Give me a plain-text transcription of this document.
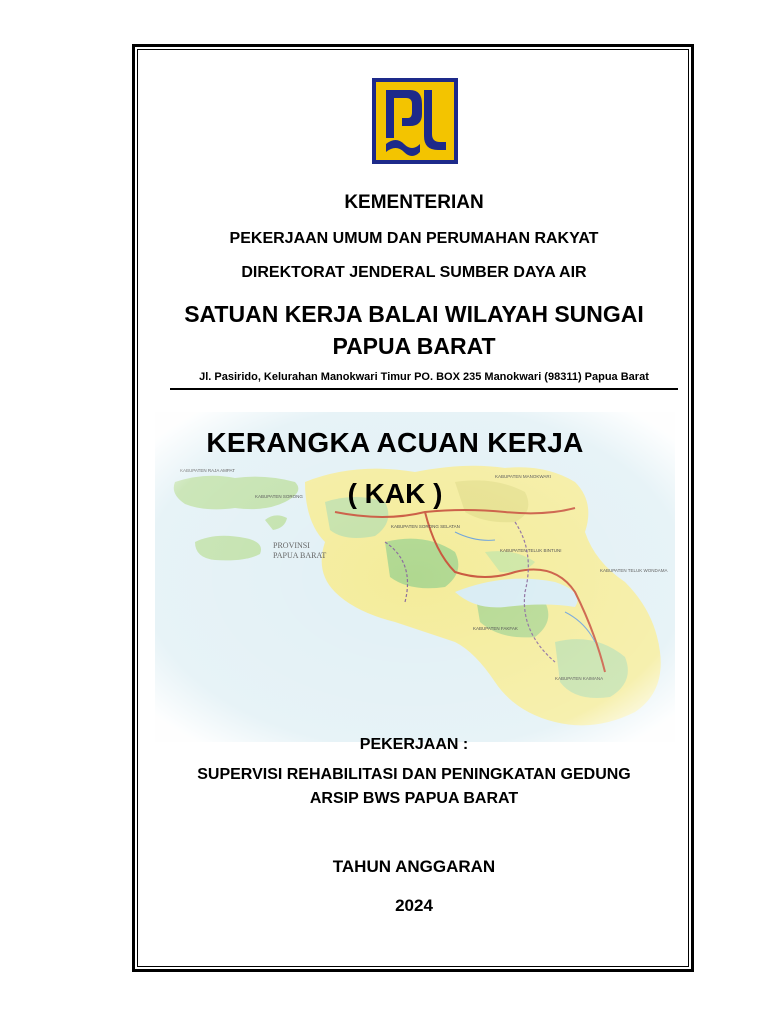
KEMENTERIAN
PEKERJAAN UMUM DAN PERUMAHAN RAKYAT
DIREKTORAT JENDERAL SUMBER DAYA AIR
SATUAN KERJA BALAI WILAYAH SUNGAI
PAPUA BARAT
Jl. Pasirido, Kelurahan Manokwari Timur PO. BOX 235 Manokwari (98311) Papua Barat
KERANGKA ACUAN KERJA
( KAK )
PEKERJAAN :
SUPERVISI REHABILITASI DAN PENINGKATAN GEDUNG
ARSIP BWS PAPUA BARAT
TAHUN ANGGARAN
2024
